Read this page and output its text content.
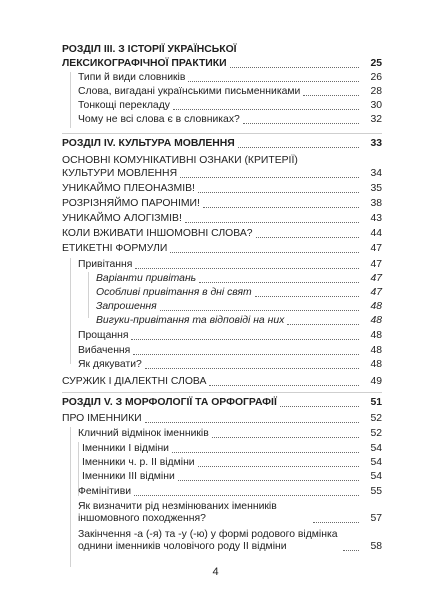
РОЗДІЛ ІІІ. З ІСТОРІЇ УКРАЇНСЬКОЇ
ЛЕКСИКОГРАФІЧНОЇ ПРАКТИКИ	25
Типи й види словників	26
Слова, вигадані українськими письменниками	28
Тонкощі перекладу	30
Чому не всі слова є в словниках?	32
РОЗДІЛ IV. КУЛЬТУРА МОВЛЕННЯ	33
ОСНОВНІ КОМУНІКАТИВНІ ОЗНАКИ (КРИТЕРІЇ)
КУЛЬТУРИ МОВЛЕННЯ	34
УНИКАЙМО ПЛЕОНАЗМІВ!	35
РОЗРІЗНЯЙМО ПАРОНІМИ!	38
УНИКАЙМО АЛОГІЗМІВ!	43
КОЛИ ВЖИВАТИ ІНШОМОВНІ СЛОВА?	44
ЕТИКЕТНІ ФОРМУЛИ	47
Привітання	47
Варіанти привітань	47
Особливі привітання в дні свят	47
Запрошення	48
Вигуки-привітання та відповіді на них	48
Прощання	48
Вибачення	48
Як дякувати?	48
СУРЖИК І ДІАЛЕКТНІ СЛОВА	49
РОЗДІЛ V. З МОРФОЛОГІЇ ТА ОРФОГРАФІЇ	51
ПРО ІМЕННИКИ	52
Кличний відмінок іменників	52
Іменники I відміни	54
Іменники ч. р. II відміни	54
Іменники III відміни	54
Фемінітиви	55
Як визначити рід незмінюваних іменників іншомовного походження?	57
Закінчення -а (-я) та -у (-ю) у формі родового відмінка однини іменників чоловічого роду II відміни	58
4
